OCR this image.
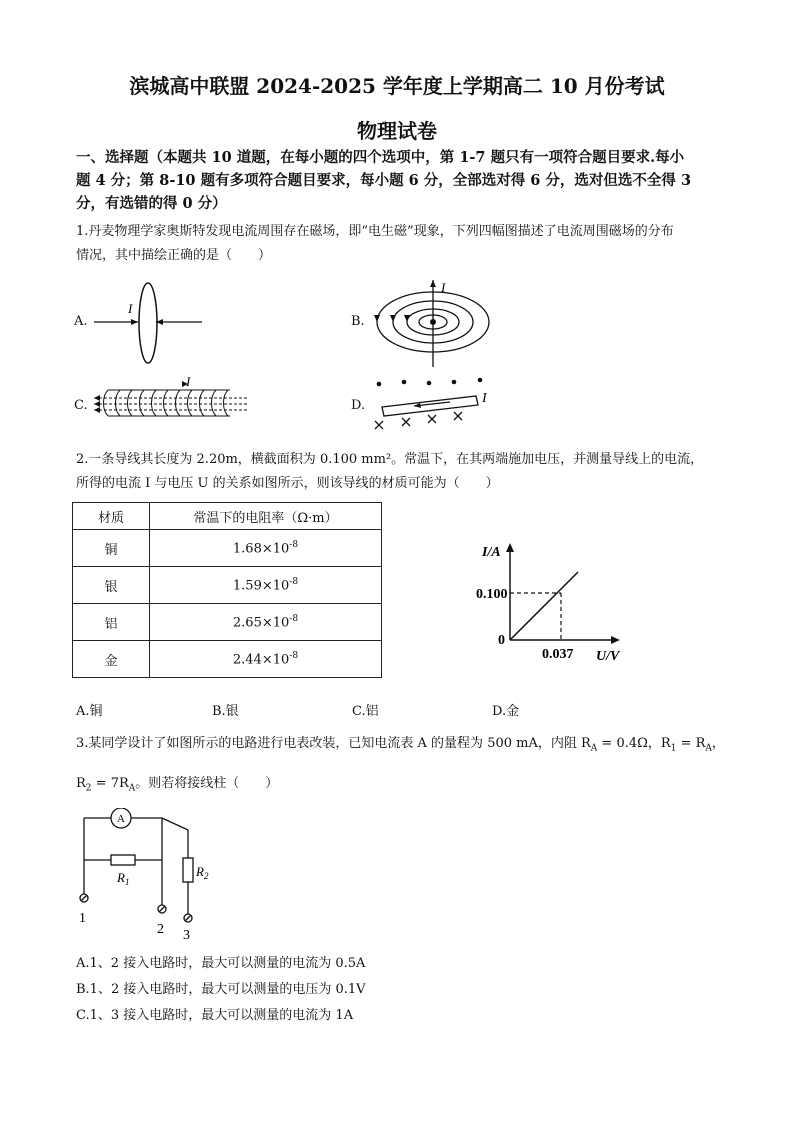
滨城高中联盟 2024-2025 学年度上学期高二 10 月份考试
物理试卷
一、选择题（本题共 10 道题，在每小题的四个选项中，第 1-7 题只有一项符合题目要求.每小
题 4 分；第 8-10 题有多项符合题目要求，每小题 6 分，全部选对得 6 分，选对但选不全得 3
分，有选错的得 0 分）
1.丹麦物理学家奥斯特发现电流周围存在磁场，即“电生磁”现象，下列四幅图描述了电流周围磁场的分布
情况，其中描绘正确的是（　　）
A.
I
B.
I
C.
I
D.	I
2.一条导线其长度为 2.20m，横截面积为 0.100 mm²。常温下，在其两端施加电压，并测量导线上的电流，
所得的电流 I 与电压 U 的关系如图所示，则该导线的材质可能为（　　）
材质	常温下的电阻率（Ω·m）
铜	$1.68\times 10^{-8}$
银	$1.59\times 10^{-8}$
铝	$2.65\times 10^{-8}$
金	$2.44\times 10^{-8}$
I/A
U/V
0.100
0.037
0
A.铜	B.银	C.铝	D.金
3.某同学设计了如图所示的电路进行电表改装，已知电流表 A 的量程为 500 mA，内阻 $R_A = 0.4\Omega$，$R_1 = R_A$，
$R_2 = 7R_A$。则若将接线柱（　　）
A
$R_1$
$R_2$
1
2 3
A.1、2 接入电路时，最大可以测量的电流为 0.5A
B.1、2 接入电路时，最大可以测量的电压为 0.1V
C.1、3 接入电路时，最大可以测量的电流为 1A
